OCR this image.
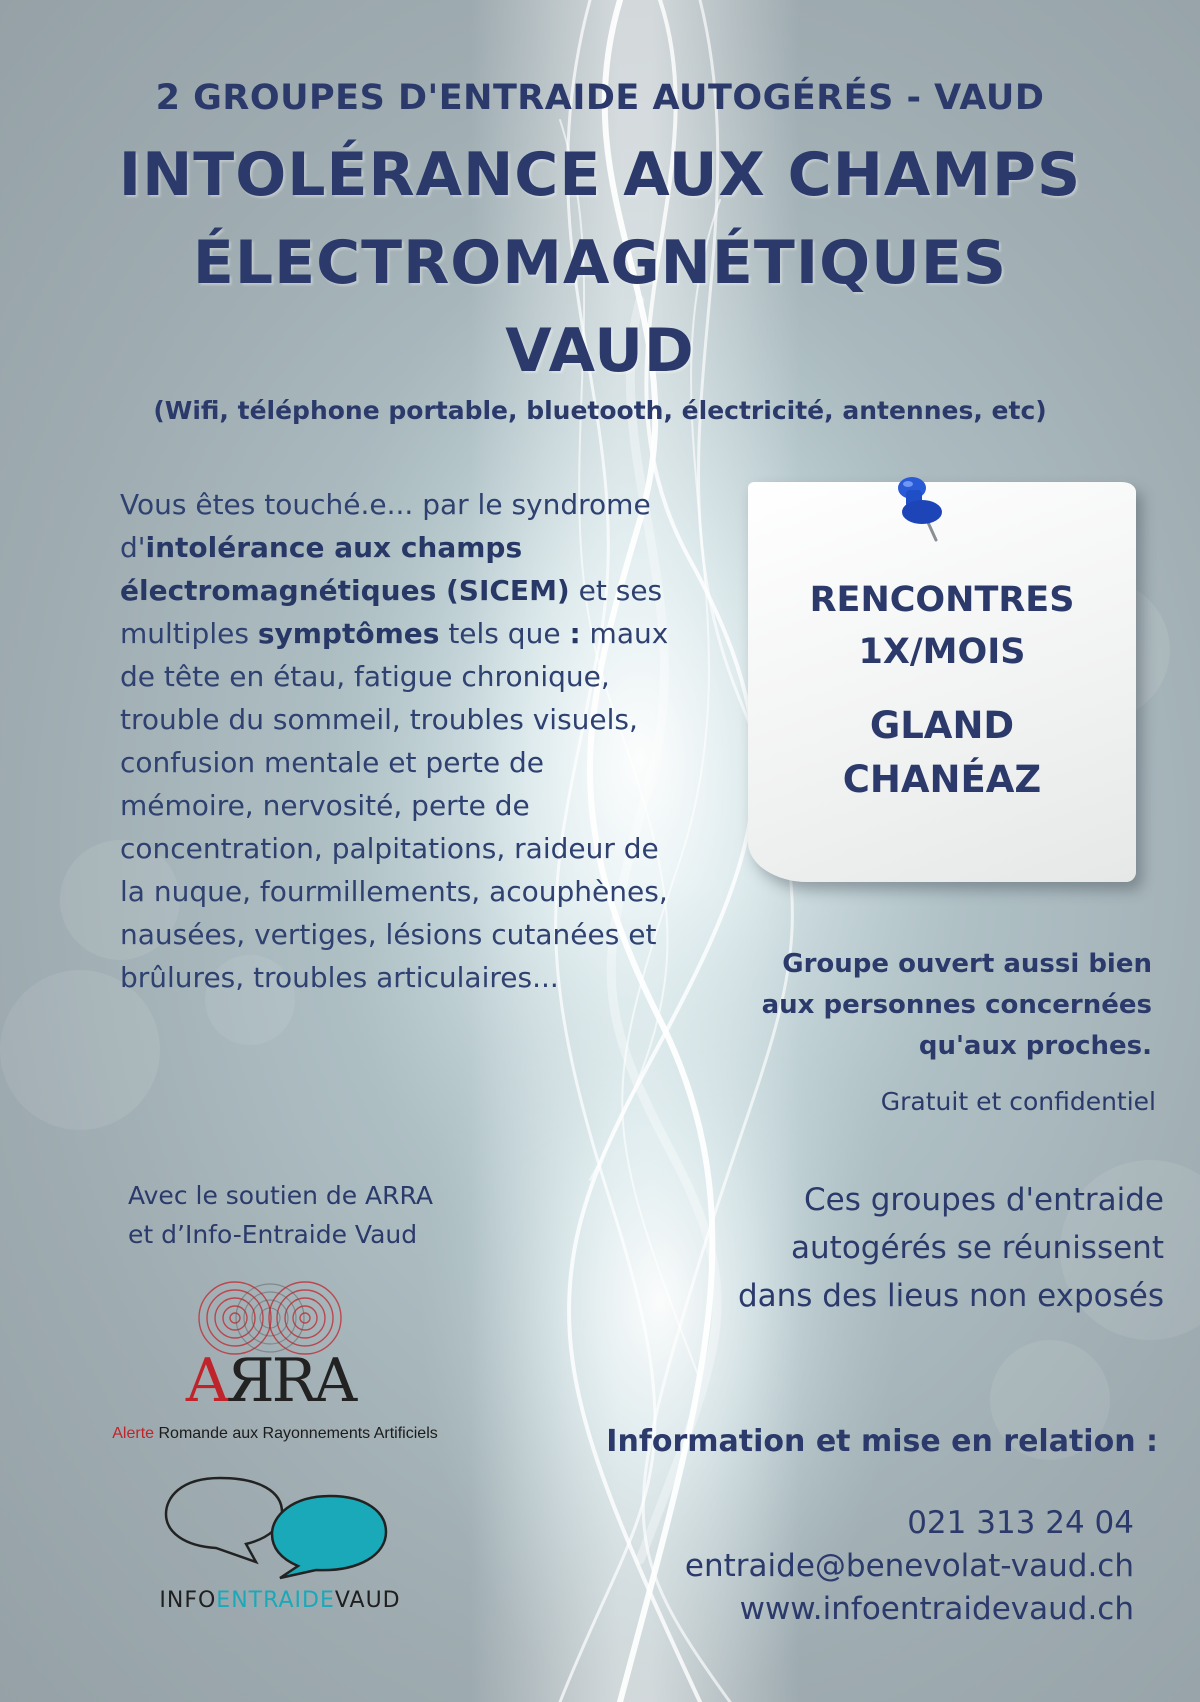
2 GROUPES D'ENTRAIDE AUTOGÉRÉS - VAUD
INTOLÉRANCE AUX CHAMPS
ÉLECTROMAGNÉTIQUES
VAUD
(Wifi, téléphone portable, bluetooth, électricité, antennes, etc)
Vous êtes touché.e... par le syndrome d'intolérance aux champs électromagnétiques (SICEM) et ses multiples symptômes tels que : maux de tête en étau, fatigue chronique, trouble du sommeil, troubles visuels, confusion mentale et perte de mémoire, nervosité, perte de concentration, palpitations, raideur de la nuque, fourmillements, acouphènes, nausées, vertiges, lésions cutanées et brûlures, troubles articulaires...
RENCONTRES
1X/MOIS
GLAND
CHANÉAZ
Groupe ouvert aussi bien
aux personnes concernées
qu'aux proches.
Gratuit et confidentiel
Ces groupes d'entraide
autogérés se réunissent
dans des lieus non exposés
Avec le soutien de ARRA
et d’Info-Entraide Vaud
AЯRA
Alerte Romande aux Rayonnements Artificiels
INFOENTRAIDEVAUD
Information et mise en relation :
021 313 24 04
entraide@benevolat-vaud.ch
www.infoentraidevaud.ch
